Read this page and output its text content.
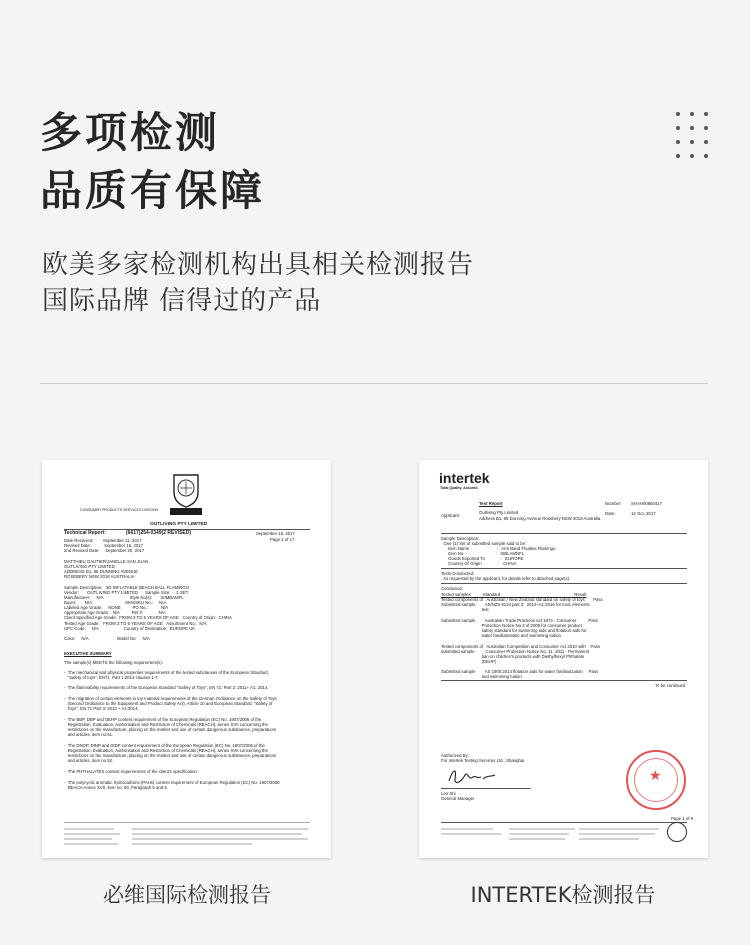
多项检测
品质有保障
欧美多家检测机构出具相关检测报告
国际品牌 信得过的产品
CONSUMER PRODUCTS SERVICES DIVISION
OUTLIVING PTY LIMITED
Technical Report:	(6617)254-0349(2 REVISED)	September 15, 2017
Page 1 of 17
Date Received:        September 11, 2017
Revised Date:           September 15, 2017
2nd Revised Date:     September 20, 2017
MATTHIEU GAUTIER/JANELLE SAN JUAN
OUTLIVING PTY LIMITED
ADDRESS B1, 85 DUNNING AVENUE
ROSEBERY NSW 2018 AUSTRALIA
Sample Description:   3D INFLATABLE BEACH BALL FLAMINGO
Vendor:       OUTLIVING PTY LIMITED      Sample Size:     1 SET
Manufacturer:     N/A                      Style No(s):       SIIMBAMFL
Buyer:       N/A                            SKN/SKU No.:     N/A
Labeled Age Grade:     NONE          PO No.:           N/A
Appropriate Age Grade:   N/A          Ref #:             N/A
Client Specified Age Grade:  FROM 3 TO 6 YEARS OF AGE   Country of Origin:  CHINA
Tested Age Grade:   FROM 3 TO 6 YEARS OF AGE   Assortment No.:  N/A
UPC Code:     N/A                     Country of Destination:  EUROPE UK
Color:     N/A                        Model No:     N/A
EXECUTIVE SUMMARY
The sample(s) MEETS the following requirement(s):
-  The mechanical and physical properties requirements of the tested subclauses of the European Standard,
"Safety of toys", EN71  Part 1:2014 clauses 1-7.
-  The flammability requirements of the European Standard "Safety of Toys", EN 71: Part 2: 2011+ A1: 2014.
-  The migration of certain elements in toy material requirements of the German Ordinance on the Safety of Toys
(Second Ordinance to the Equipment and Product Safety Act), Article 10 and European Standard, "Safety of
Toys", EN 71 Part 3: 2013 + A1:2014.
-  The BBP, DBP and DEHP content requirement of the European Regulation (EC) No. 1907/2006 of the
Registration, Evaluation, Authorisation and Restriction of Chemicals (REACH), annex XVII concerning the
restrictions on the manufacture, placing on the market and use of certain dangerous substances, preparations
and articles, item no.51.
-  The DNOP, DINP and DIDP content requirement of the European Regulation (EC) No. 1907/2006 of the
Registration, Evaluation, Authorisation and Restriction of Chemicals (REACH), annex XVII concerning the
restrictions on the manufacture, placing on the market and use of certain dangerous substances, preparations
and articles, item no 52.
-  The PHTHALATES content requirements of the client's specification.
-  The polycyclic aromatic hydrocarbons (PAHs) content requirement of European Regulation (EC) No. 1907/2006
REACH Annex XVII, item no. 50, Paragraph 5 and 6.
intertek
Total Quality. Assured.
Test Report	Number: SHAH00860417
Applicant:
Outliving Pty Limited
Address B1, 85 Dunning Avenue Rosebery NSW 2018 Australia
Date:	12 Oct, 2017
Sample Description:
One (1) Set of submitted sample said to be :
Item Name                       :   Arm Band Floaties Flamingo
Item No.                          :   SIBLAMNFL
Goods Exported To             :   EUROPE
Country Of Origin              :   CHINA
Tests Conducted:
As requested by the applicant, for details refer to attached page(s).
Conclusion:
Tested samples          Standard                                                              Result
Tested components of   Australian / New Zealand standard on safety of toys       Pass
Submitted sample        AS/NZS 8124 part 3:  2012+A1:2016 for toxic elements
test
Submitted sample        Australian Trade Practices Act 1974 - Consumer          Pass
Protection Notice No.3 of 2009 for consumer product
safety standard for swimming aids and flotation aids for
water familiarisation and swimming tuition
Tested components of   Australian Competition and Consumer Act 2010 with    Pass
submitted sample         Consumer Protection Notice No. 11, 2011 - Permanent
ban on children's products with Diethylhexyl Phthalate
(DEHP)
Submitted sample        AS 1900:2014 flotation aids for water familiarization     Pass
and swimming tuition
To be continued
Authorized By:
For Intertek Testing Services Ltd., Shanghai
Leo Shi
General Manager
★
Page 1 of 8
必维国际检测报告	INTERTEK检测报告
